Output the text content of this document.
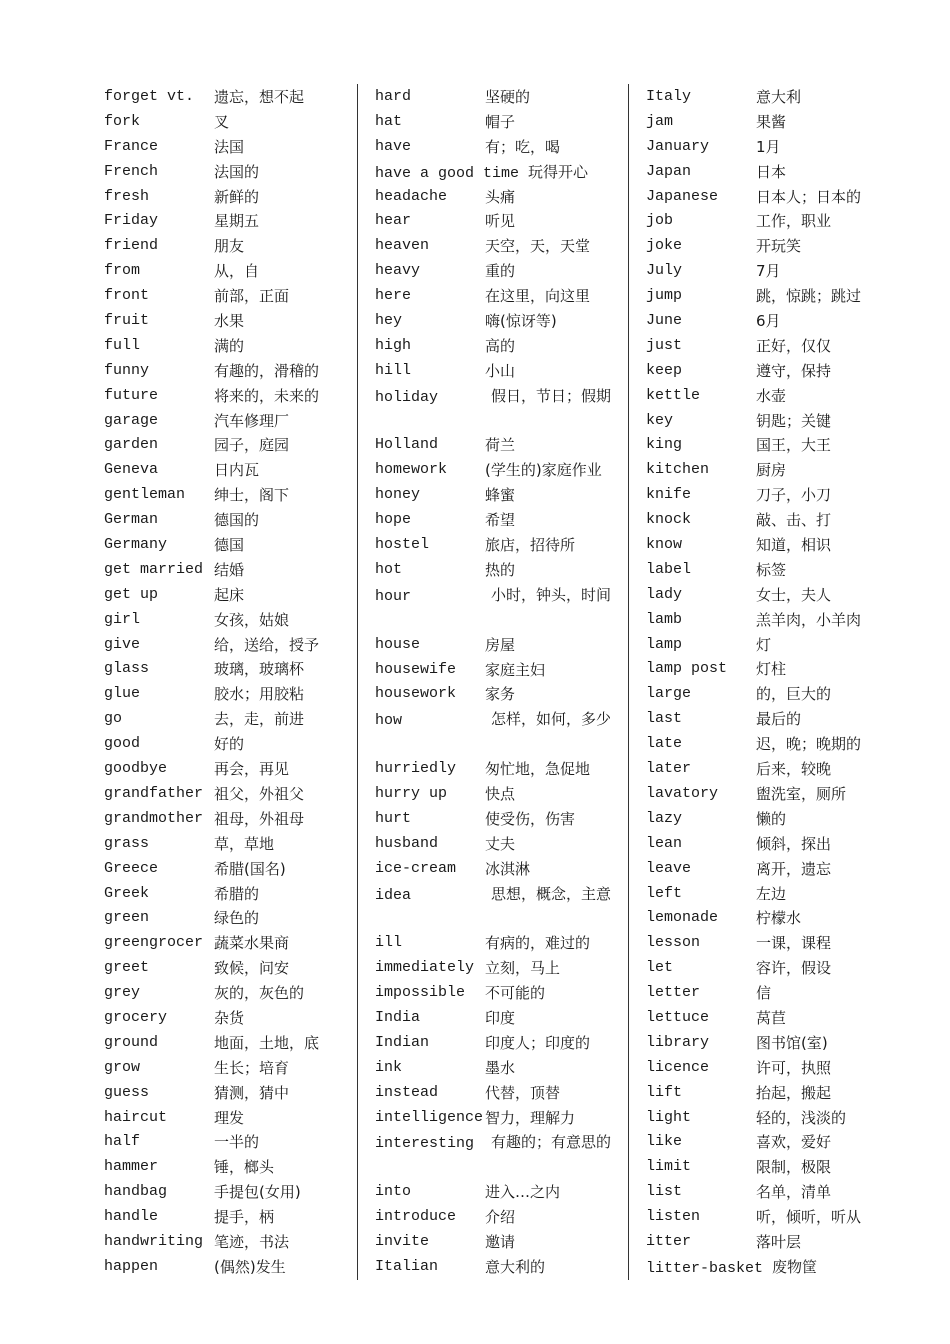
forget vt. 遗忘，想不起
fork	叉
France	法国
French	法国的
fresh	新鲜的
Friday	星期五
friend	朋友
from	从，自
front	前部，正面
fruit	水果
full	满的
funny	有趣的，滑稽的
future	将来的，未来的
garage	汽车修理厂
garden	园子，庭园
Geneva	日内瓦
gentleman 绅士，阁下
German	德国的
Germany	德国
get married 结婚
get up	起床
girl	女孩，姑娘
give	给，送给，授予
glass	玻璃，玻璃杯
glue	胶水；用胶粘
go	去，走，前进
good	好的
goodbye	再会，再见
grandfather 祖父，外祖父
grandmother 祖母，外祖母
grass	草，草地
Greece	希腊(国名)
Greek	希腊的
green	绿色的
greengrocer 蔬菜水果商
greet	致候，问安
grey	灰的，灰色的
grocery	杂货
ground	地面，土地，底
grow	生长；培育
guess	猜测，猜中
haircut	理发
half	一半的
hammer	锤，榔头
handbag	手提包(女用)
handle	提手，柄
handwriting 笔迹，书法
happen	(偶然)发生
hard	坚硬的
hat	帽子
have	有；吃，喝
have a good time 玩得开心
headache	头痛
hear	听见
heaven	天空，天，天堂
heavy	重的
here	在这里，向这里
hey	嗨(惊讶等)
high	高的
hill	小山
holiday	假日，节日；假期
Holland	荷兰
homework	(学生的)家庭作业
honey	蜂蜜
hope	希望
hostel	旅店，招待所
hot	热的
hour	小时，钟头，时间
house	房屋
housewife 家庭主妇
housework 家务
how	怎样，如何，多少
hurriedly 匆忙地，急促地
hurry up	快点
hurt	使受伤，伤害
husband	丈夫
ice-cream 冰淇淋
idea	思想，概念，主意
ill	有病的，难过的
immediately 立刻，马上
impossible 不可能的
India	印度
Indian	印度人；印度的
ink	墨水
instead	代替，顶替
intelligence 智力，理解力
interesting 有趣的；有意思的
into	进入…之内
introduce 介绍
invite	邀请
Italian	意大利的
Italy	意大利
jam	果酱
January	1月
Japan	日本
Japanese	日本人；日本的
job	工作，职业
joke	开玩笑
July	7月
jump	跳，惊跳；跳过
June	6月
just	正好，仅仅
keep	遵守，保持
kettle	水壶
key	钥匙；关键
king	国王，大王
kitchen	厨房
knife	刀子，小刀
knock	敲、击、打
know	知道，相识
label	标签
lady	女士，夫人
lamb	羔羊肉，小羊肉
lamp	灯
lamp post 灯柱
large	的，巨大的
last	最后的
late	迟，晚；晚期的
later	后来，较晚
lavatory	盥洗室，厕所
lazy	懒的
lean	倾斜，探出
leave	离开，遗忘
left	左边
lemonade	柠檬水
lesson	一课，课程
let	容许，假设
letter	信
lettuce	莴苣
library	图书馆(室)
licence	许可，执照
lift	抬起，搬起
light	轻的，浅淡的
like	喜欢，爱好
limit	限制，极限
list	名单，清单
listen	听，倾听，听从
itter	落叶层
litter-basket 废物筐
